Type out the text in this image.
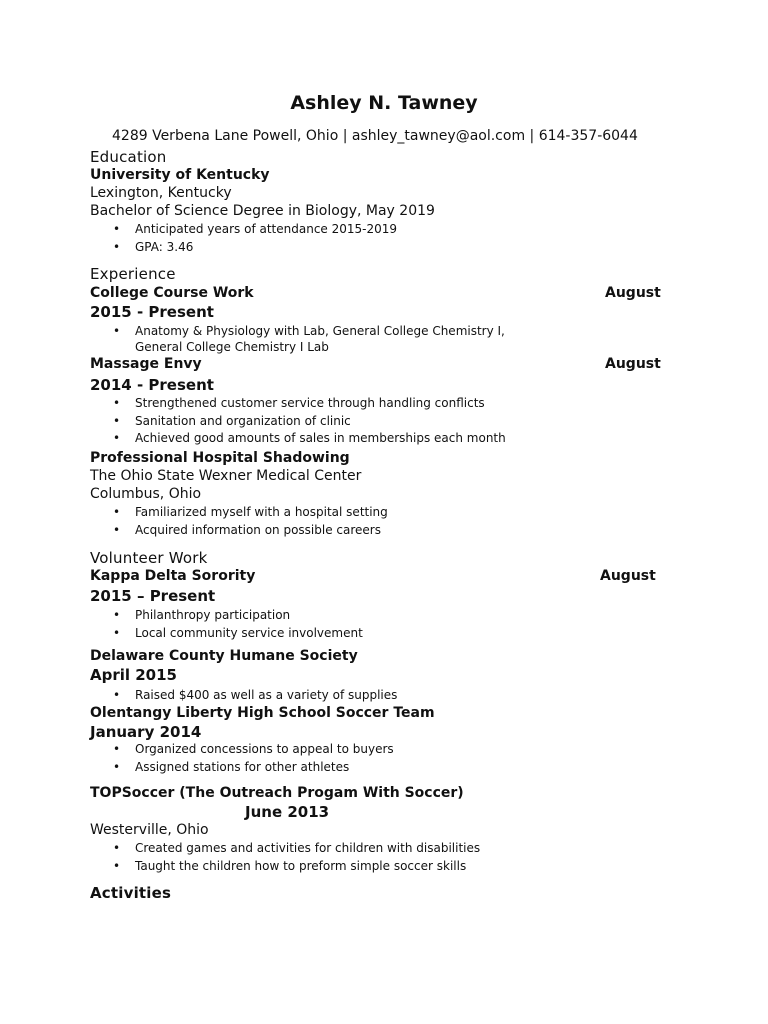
Ashley N. Tawney
4289 Verbena Lane Powell, Ohio | ashley_tawney@aol.com | 614-357-6044
Education
University of Kentucky
Lexington, Kentucky
Bachelor of Science Degree in Biology, May 2019
• Anticipated years of attendance 2015-2019
• GPA: 3.46
Experience
College Course Work	August
2015 - Present
• Anatomy & Physiology with Lab, General College Chemistry I, General College Chemistry I Lab
Massage Envy	August
2014 - Present
• Strengthened customer service through handling conflicts
• Sanitation and organization of clinic
• Achieved good amounts of sales in memberships each month
Professional Hospital Shadowing
The Ohio State Wexner Medical Center
Columbus, Ohio
• Familiarized myself with a hospital setting
• Acquired information on possible careers
Volunteer Work
Kappa Delta Sorority	August
2015 – Present
• Philanthropy participation
• Local community service involvement
Delaware County Humane Society
April 2015
• Raised $400 as well as a variety of supplies
Olentangy Liberty High School Soccer Team
January 2014
• Organized concessions to appeal to buyers
• Assigned stations for other athletes
TOPSoccer (The Outreach Progam With Soccer)
June 2013
Westerville, Ohio
• Created games and activities for children with disabilities
• Taught the children how to preform simple soccer skills
Activities
